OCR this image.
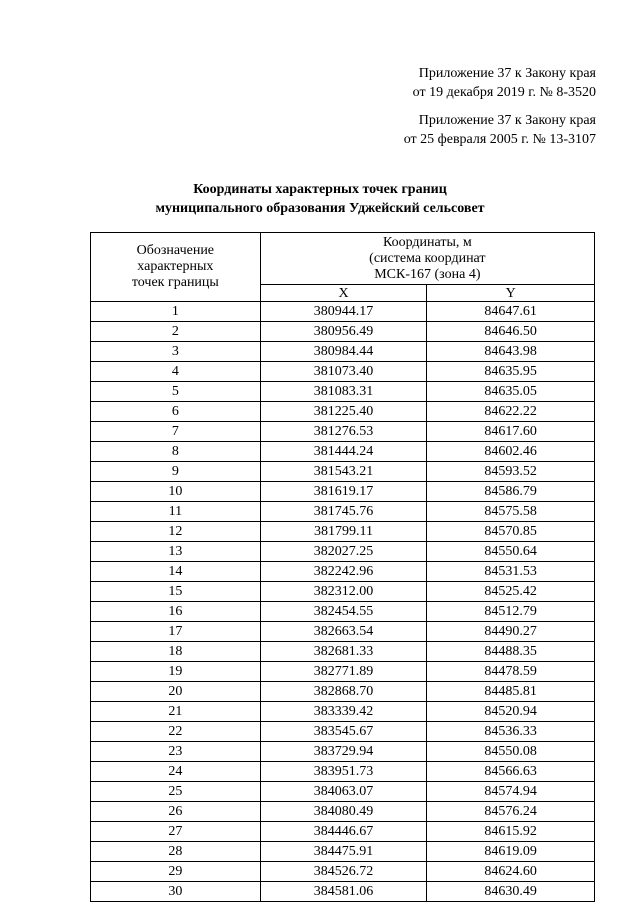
Приложение 37 к Закону края
от 19 декабря 2019 г. № 8-3520
Приложение 37 к Закону края
от 25 февраля 2005 г. № 13-3107
Координаты характерных точек границ
муниципального образования Уджейский сельсовет
Обозначение
характерных
точек границы	Координаты, м
(система координат
МСК-167 (зона 4)	

	X	Y
1	380944.17	84647.61
2	380956.49	84646.50
3	380984.44	84643.98
4	381073.40	84635.95
5	381083.31	84635.05
6	381225.40	84622.22
7	381276.53	84617.60
8	381444.24	84602.46
9	381543.21	84593.52
10	381619.17	84586.79
11	381745.76	84575.58
12	381799.11	84570.85
13	382027.25	84550.64
14	382242.96	84531.53
15	382312.00	84525.42
16	382454.55	84512.79
17	382663.54	84490.27
18	382681.33	84488.35
19	382771.89	84478.59
20	382868.70	84485.81
21	383339.42	84520.94
22	383545.67	84536.33
23	383729.94	84550.08
24	383951.73	84566.63
25	384063.07	84574.94
26	384080.49	84576.24
27	384446.67	84615.92
28	384475.91	84619.09
29	384526.72	84624.60
30	384581.06	84630.49
